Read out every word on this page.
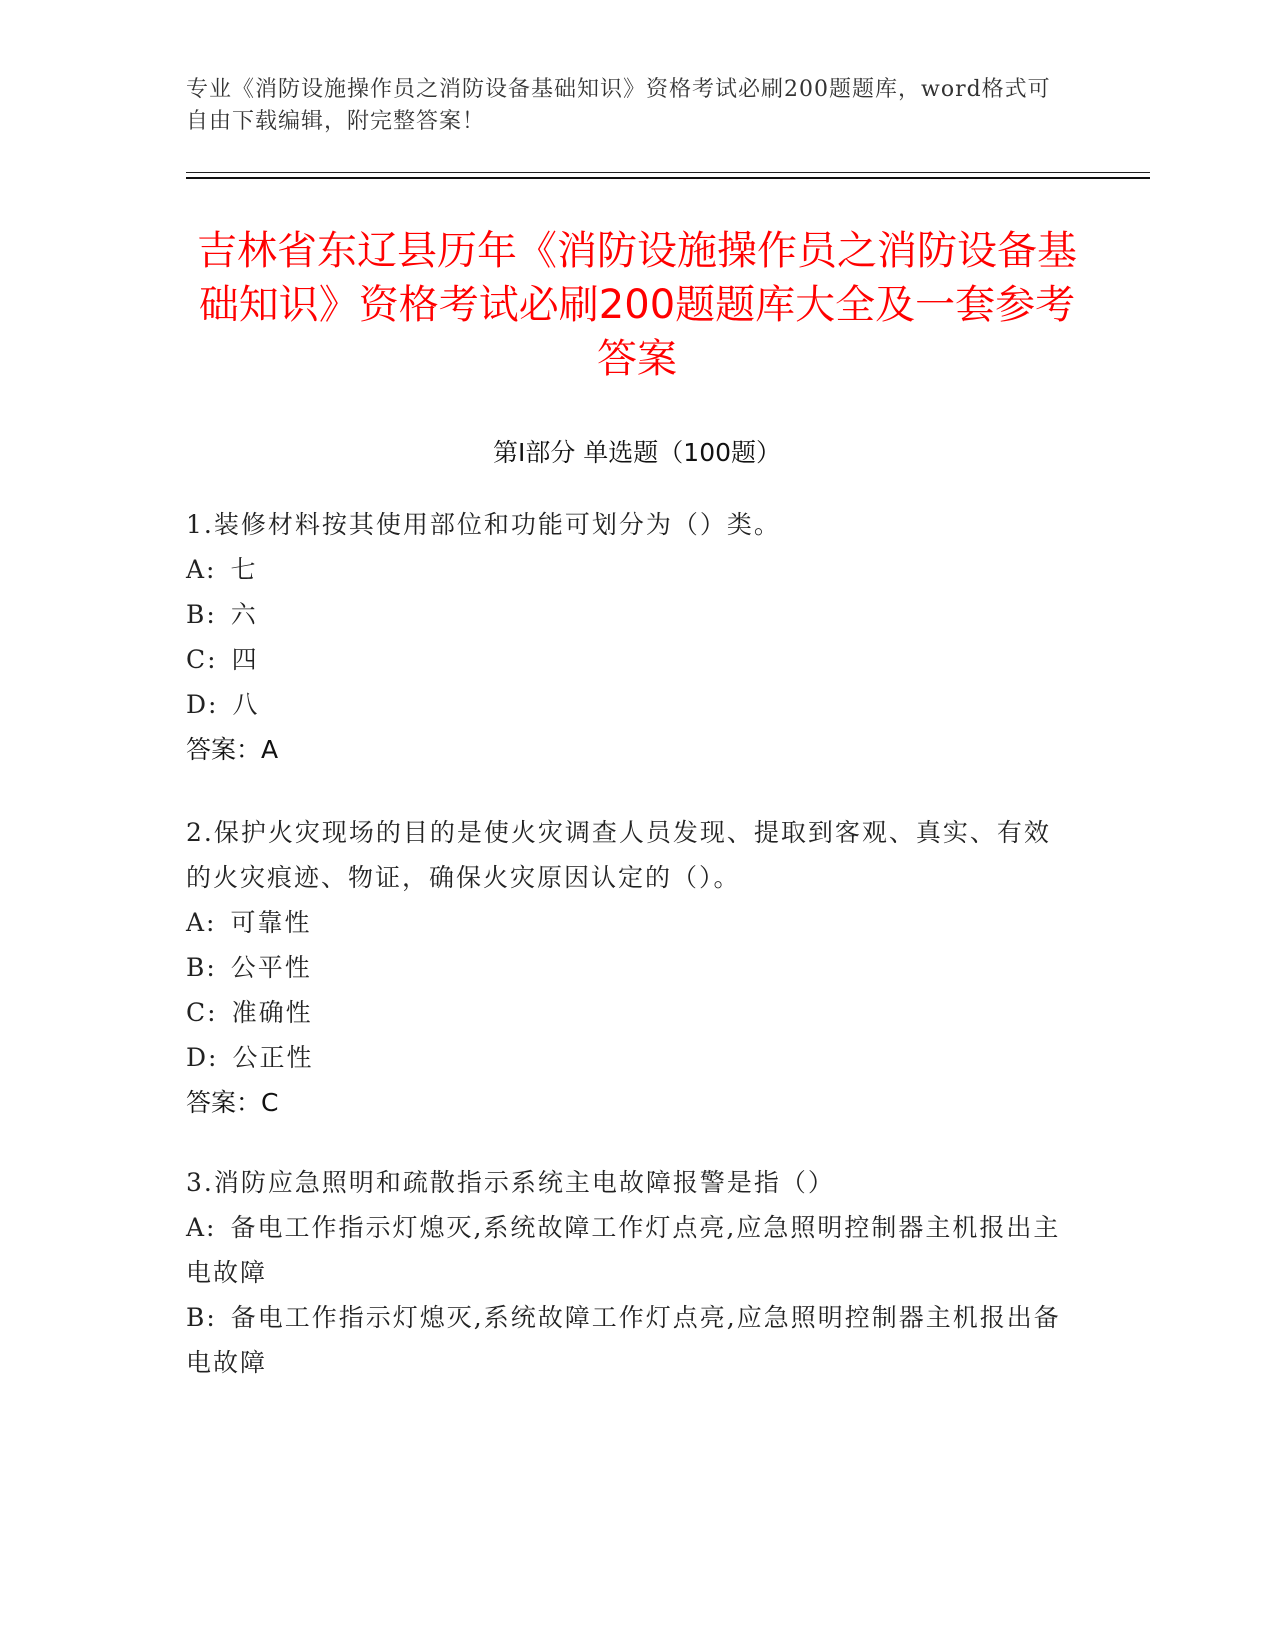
专业《消防设施操作员之消防设备基础知识》资格考试必刷200题题库，word格式可自由下载编辑，附完整答案！
吉林省东辽县历年《消防设施操作员之消防设备基础知识》资格考试必刷200题题库大全及一套参考答案
第Ⅰ部分 单选题（100题）
1.装修材料按其使用部位和功能可划分为（）类。
A: 七
B: 六
C: 四
D: 八
答案：A
2.保护火灾现场的目的是使火灾调查人员发现、提取到客观、真实、有效的火灾痕迹、物证，确保火灾原因认定的（）。
A: 可靠性
B: 公平性
C: 准确性
D: 公正性
答案：C
3.消防应急照明和疏散指示系统主电故障报警是指（）
A: 备电工作指示灯熄灭,系统故障工作灯点亮,应急照明控制器主机报出主电故障
B: 备电工作指示灯熄灭,系统故障工作灯点亮,应急照明控制器主机报出备电故障
